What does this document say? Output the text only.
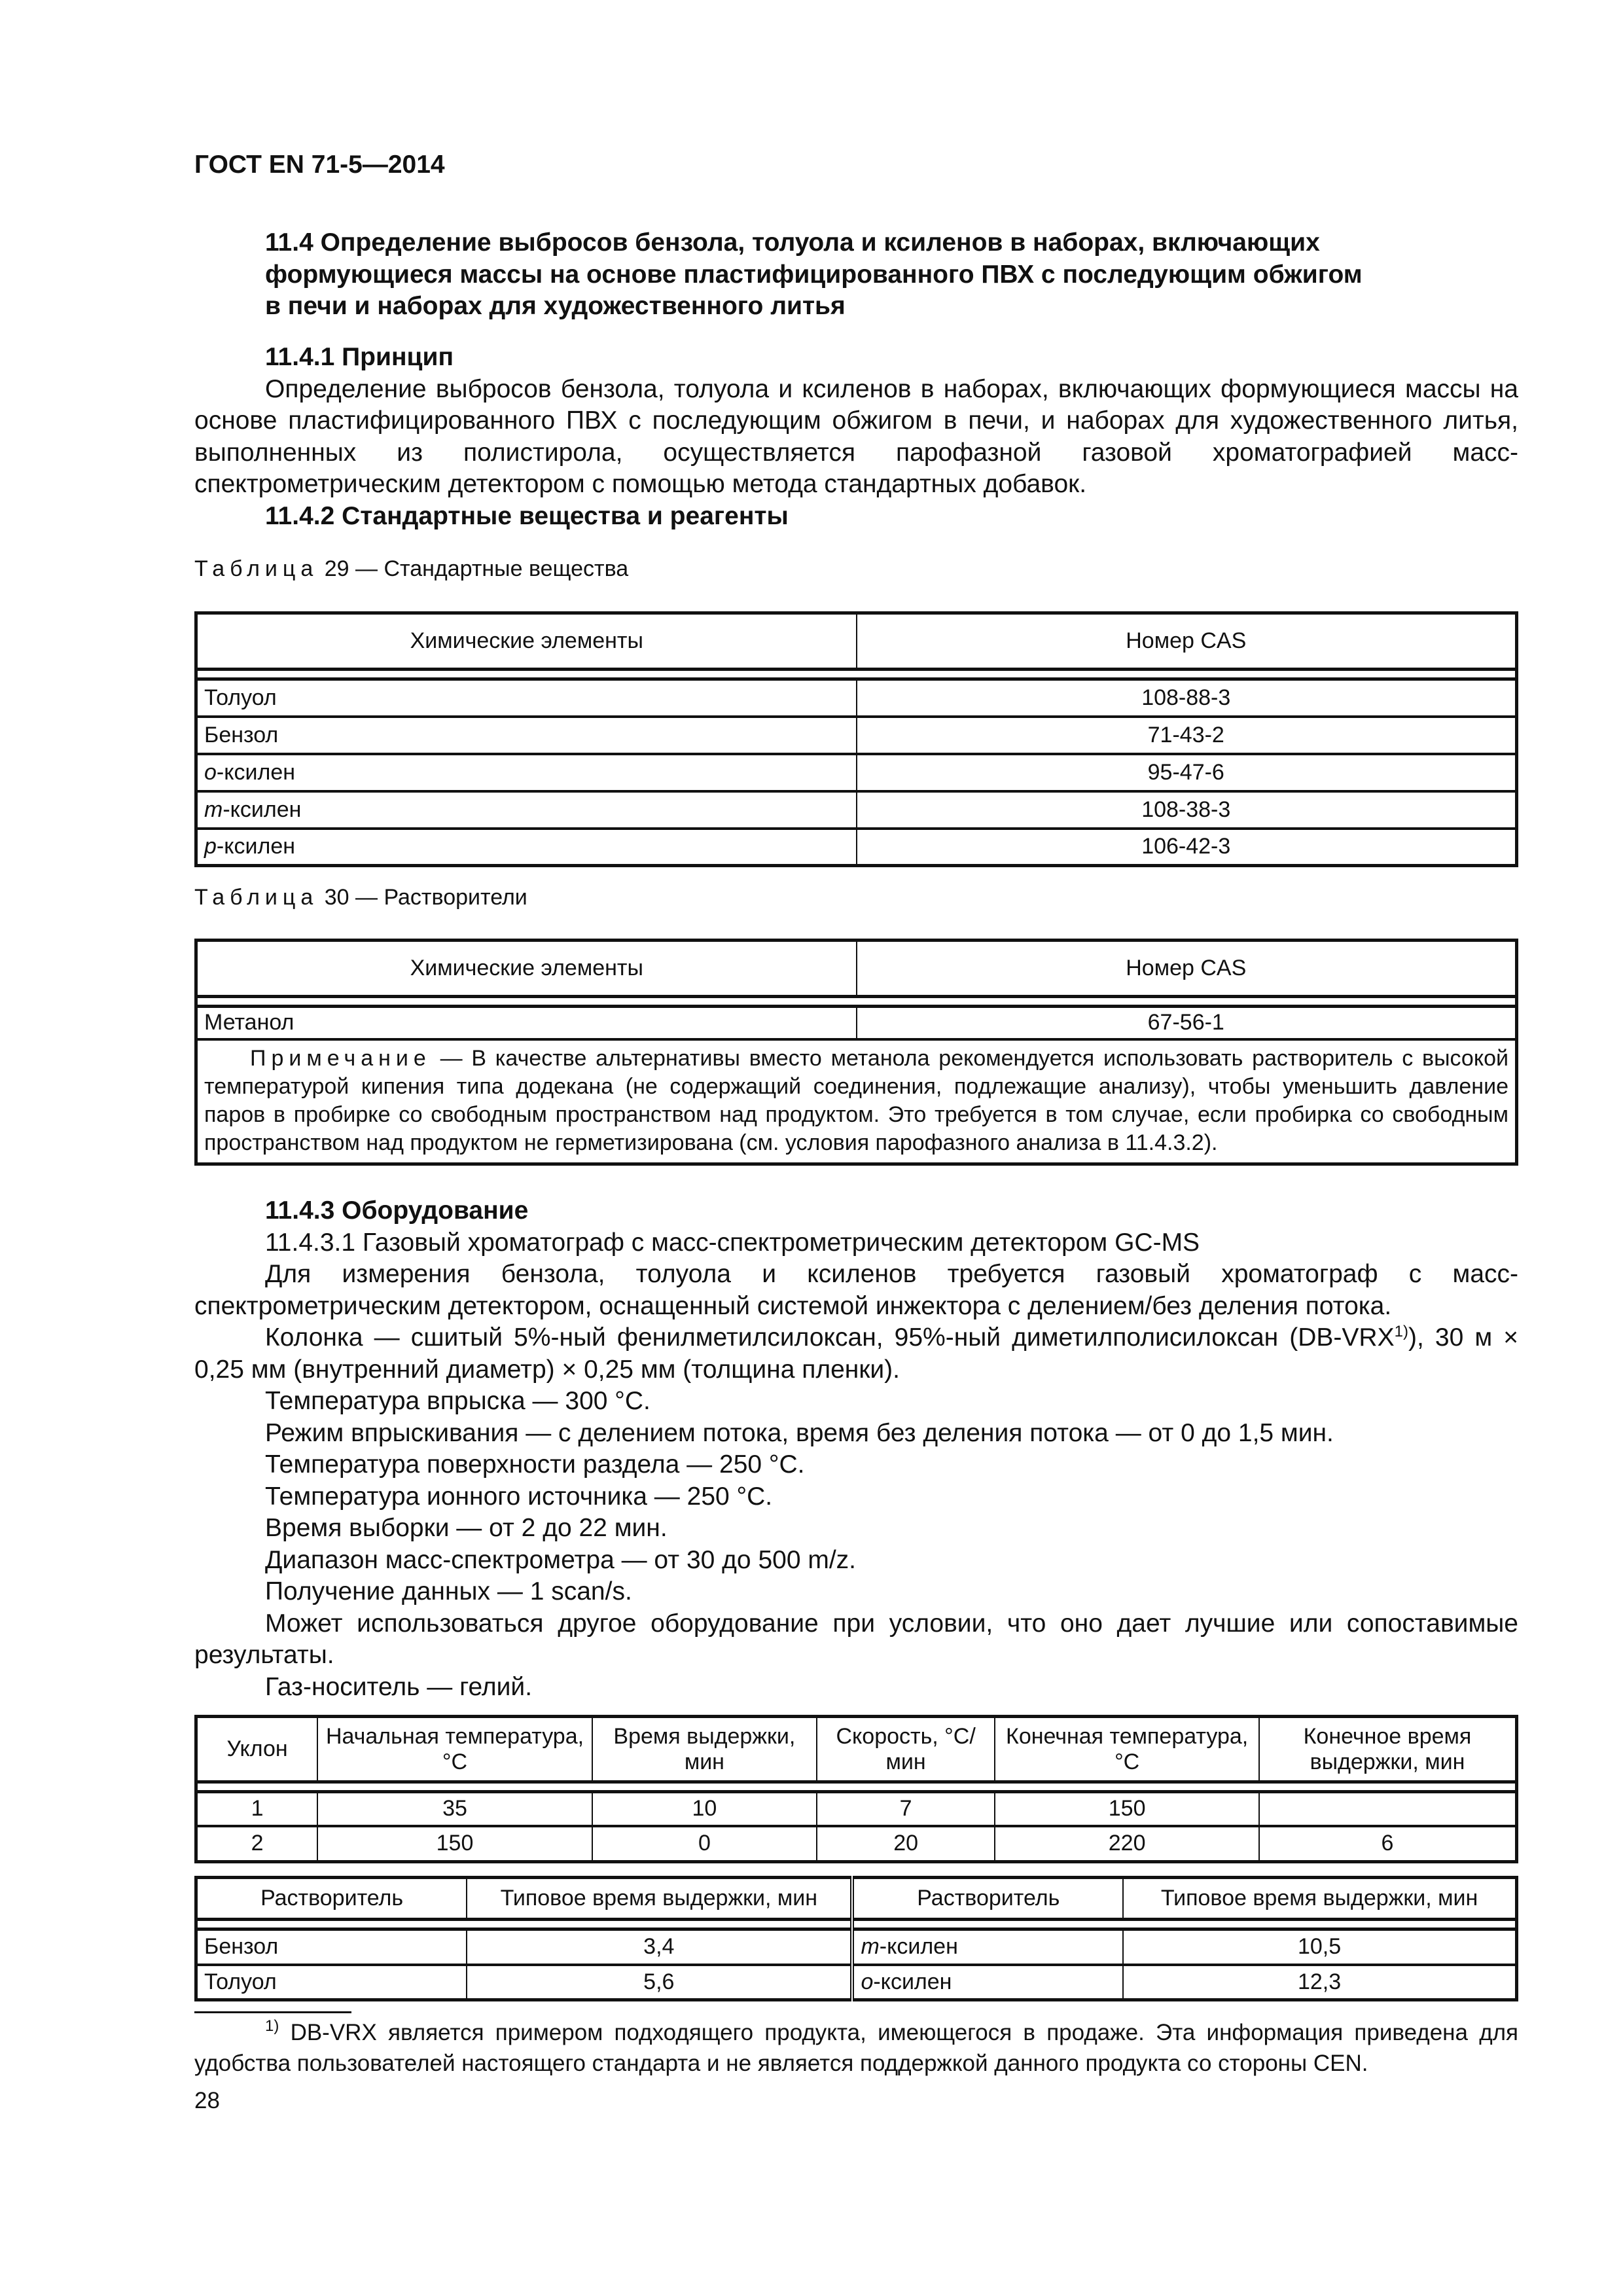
ГОСТ EN 71-5—2014
11.4 Определение выбросов бензола, толуола и ксиленов в наборах, включающих
формующиеся массы на основе пластифицированного ПВХ с последующим обжигом
в печи и наборах для художественного литья
11.4.1 Принцип
Определение выбросов бензола, толуола и ксиленов в наборах, включающих формующиеся массы на основе пластифицированного ПВХ с последующим обжигом в печи, и наборах для художественного литья, выполненных из полистирола, осуществляется парофазной газовой хроматографией масс-спектрометрическим детектором с помощью метода стандартных добавок.
11.4.2 Стандартные вещества и реагенты
Таблица 29 — Стандартные вещества
Химические элементы	Номер CAS

Толуол	108-88-3
Бензол	71-43-2
o-ксилен	95-47-6
m-ксилен	108-38-3
p-ксилен	106-42-3
Таблица 30 — Растворители
Химические элементы	Номер CAS

Метанол	67-56-1
Примечание — В качестве альтернативы вместо метанола рекомендуется использовать растворитель с высокой температурой кипения типа додекана (не содержащий соединения, подлежащие анализу), чтобы уменьшить давление паров в пробирке со свободным пространством над продуктом. Это требуется в том случае, если пробирка со свободным пространством над продуктом не герметизирована (см. условия парофазного анализа в 11.4.3.2).	
11.4.3 Оборудование
11.4.3.1 Газовый хроматограф с масс-спектрометрическим детектором GC-MS
Для измерения бензола, толуола и ксиленов требуется газовый хроматограф с масс-спектрометрическим детектором, оснащенный системой инжектора с делением/без деления потока.
Колонка — сшитый 5%-ный фенилметилсилоксан, 95%-ный диметилполисилоксан (DB-VRX$^{1)}$), 30 м × 0,25 мм (внутренний диаметр) × 0,25 мм (толщина пленки).
Температура впрыска — 300 °С.
Режим впрыскивания — с делением потока, время без деления потока — от 0 до 1,5 мин.
Температура поверхности раздела — 250 °С.
Температура ионного источника — 250 °С.
Время выборки — от 2 до 22 мин.
Диапазон масс-спектрометра — от 30 до 500 m/z.
Получение данных — 1 scan/s.
Может использоваться другое оборудование при условии, что оно дает лучшие или сопоставимые результаты.
Газ-носитель — гелий.
Уклон	Начальная температура, °С	Время выдержки, мин	Скорость, °С/мин	Конечная температура, °С	Конечное время выдержки, мин

1	35	10	7	150	
2	150	0	20	220	6
Растворитель	Типовое время выдержки, мин	Растворитель	Типовое время выдержки, мин

Бензол	3,4	m-ксилен	10,5
Толуол	5,6	o-ксилен	12,3
$^{1)}$ DB-VRX является примером подходящего продукта, имеющегося в продаже. Эта информация приведена для удобства пользователей настоящего стандарта и не является поддержкой данного продукта со стороны CEN.
28
